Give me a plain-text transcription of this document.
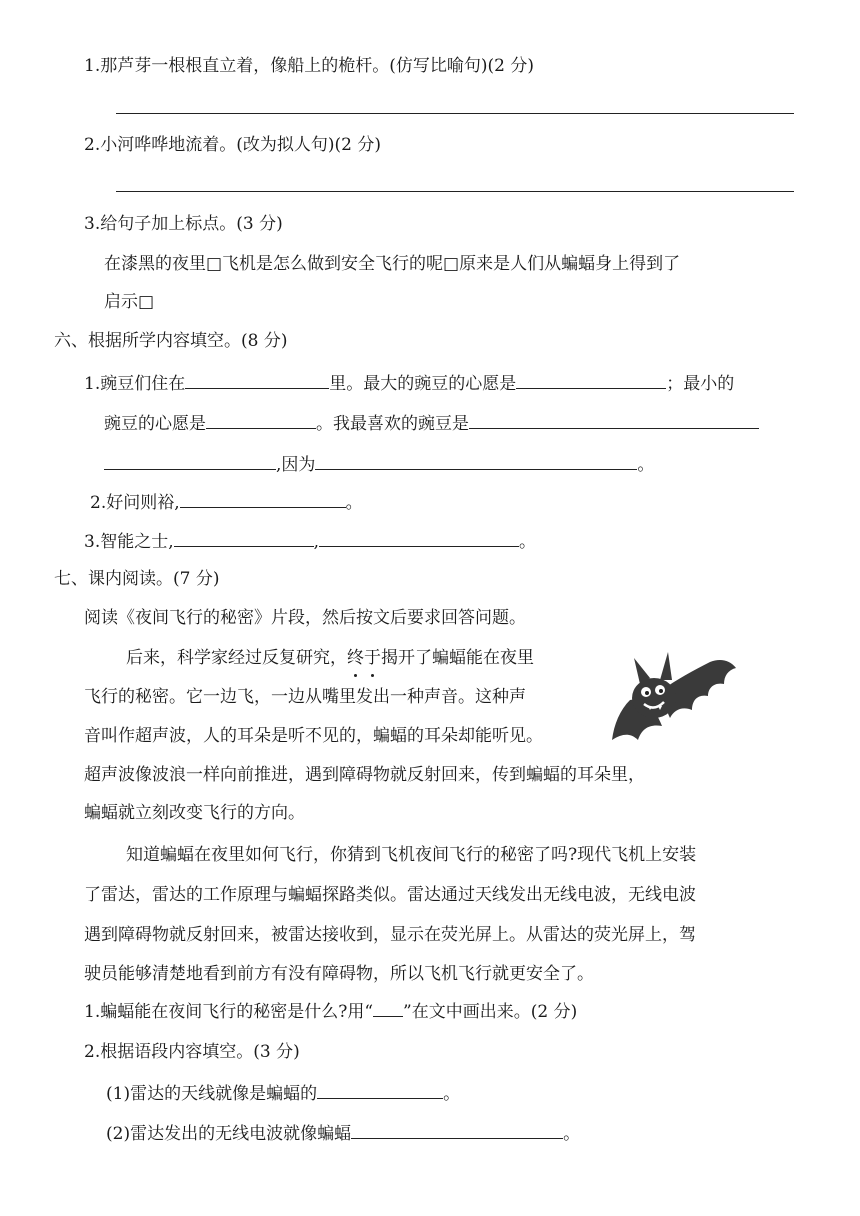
1.那芦芽一根根直立着，像船上的桅杆。(仿写比喻句)(2 分)
2.小河哗哗地流着。(改为拟人句)(2 分)
3.给句子加上标点。(3 分)
在漆黑的夜里□飞机是怎么做到安全飞行的呢□原来是人们从蝙蝠身上得到了
启示□
六、根据所学内容填空。(8 分)
1.豌豆们住在	里。最大的豌豆的心愿是	；最小的
豌豆的心愿是	。我最喜欢的豌豆是
,因为	。
2.好问则裕,	。
3.智能之士,	,	。
七、课内阅读。(7 分)
阅读《夜间飞行的秘密》片段，然后按文后要求回答问题。
后来，科学家经过反复研究，终于揭开了蝙蝠能在夜里
飞行的秘密。它一边飞，一边从嘴里发出一种声音。这种声
音叫作超声波，人的耳朵是听不见的，蝙蝠的耳朵却能听见。
超声波像波浪一样向前推进，遇到障碍物就反射回来，传到蝙蝠的耳朵里，
蝙蝠就立刻改变飞行的方向。
知道蝙蝠在夜里如何飞行，你猜到飞机夜间飞行的秘密了吗?现代飞机上安装
了雷达，雷达的工作原理与蝙蝠探路类似。雷达通过天线发出无线电波，无线电波
遇到障碍物就反射回来，被雷达接收到，显示在荧光屏上。从雷达的荧光屏上，驾
驶员能够清楚地看到前方有没有障碍物，所以飞机飞行就更安全了。
1.蝙蝠能在夜间飞行的秘密是什么?用“ ”在文中画出来。(2 分)
2.根据语段内容填空。(3 分)
(1)雷达的天线就像是蝙蝠的	。
(2)雷达发出的无线电波就像蝙蝠	。
